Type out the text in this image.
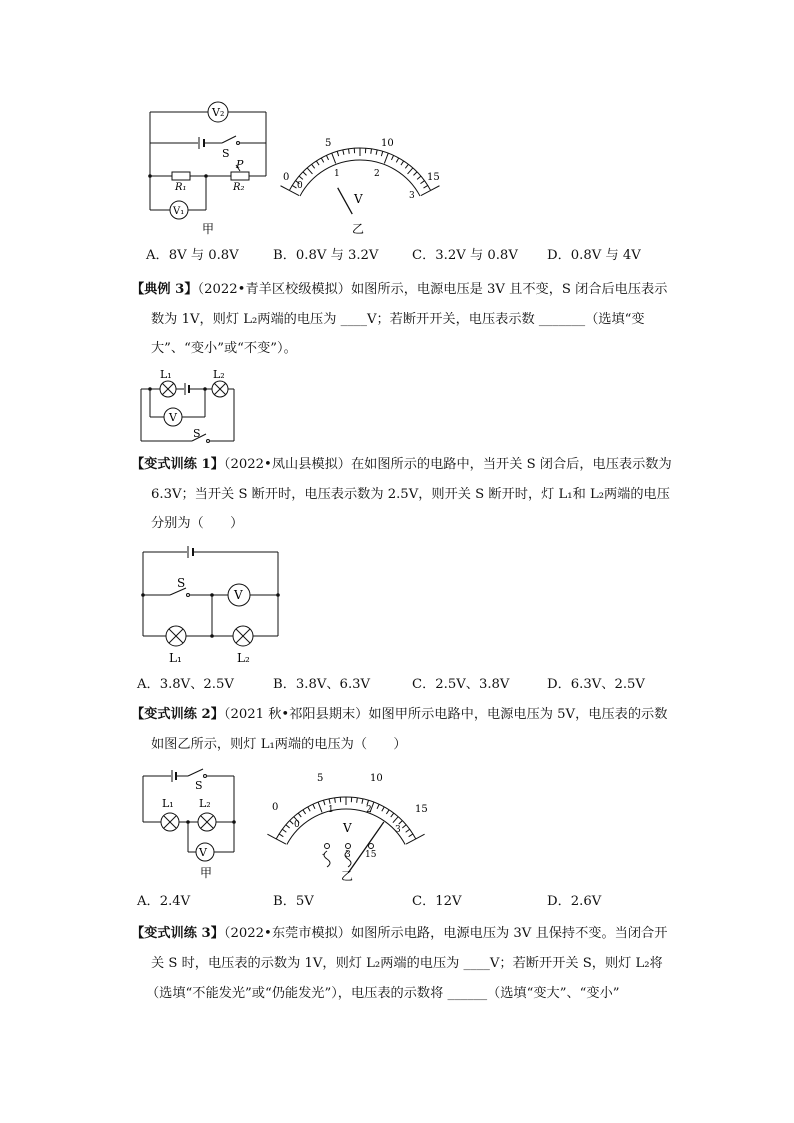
V₂
S
P
R₁	R₂
V₁
甲
0
5	10
15
0
1	2
3
V
乙
A．8V 与 0.8V	B．0.8V 与 3.2V	C．3.2V 与 0.8V D．0.8V 与 4V
【典例 3】（2022•青羊区校级模拟）如图所示，电源电压是 3V 且不变，S 闭合后电压表示
数为 1V，则灯 L₂两端的电压为 ____V；若断开开关，电压表示数 _______（选填“变
大”、“变小”或“不变”）。
L₁	L₂
V
S
【变式训练 1】（2022•凤山县模拟）在如图所示的电路中，当开关 S 闭合后，电压表示数为
6.3V；当开关 S 断开时，电压表示数为 2.5V，则开关 S 断开时，灯 L₁和 L₂两端的电压
分别为（　　）
S
V
L₁	L₂
A．3.8V、2.5V	B．3.8V、6.3V	C．2.5V、3.8V	D．6.3V、2.5V
【变式训练 2】（2021 秋•祁阳县期末）如图甲所示电路中，电源电压为 5V，电压表的示数
如图乙所示，则灯 L₁两端的电压为（　　）
S
L₁ L₂
V
甲
0
5	10
15
0
1	2
3
V
- 3 15
乙
A．2.4V	B．5V	C．12V	D．2.6V
【变式训练 3】（2022•东莞市模拟）如图所示电路，电源电压为 3V 且保持不变。当闭合开
关 S 时，电压表的示数为 1V，则灯 L₂两端的电压为 ____V；若断开开关 S，则灯 L₂将
（选填“不能发光”或“仍能发光”），电压表的示数将 ______（选填“变大”、“变小”
